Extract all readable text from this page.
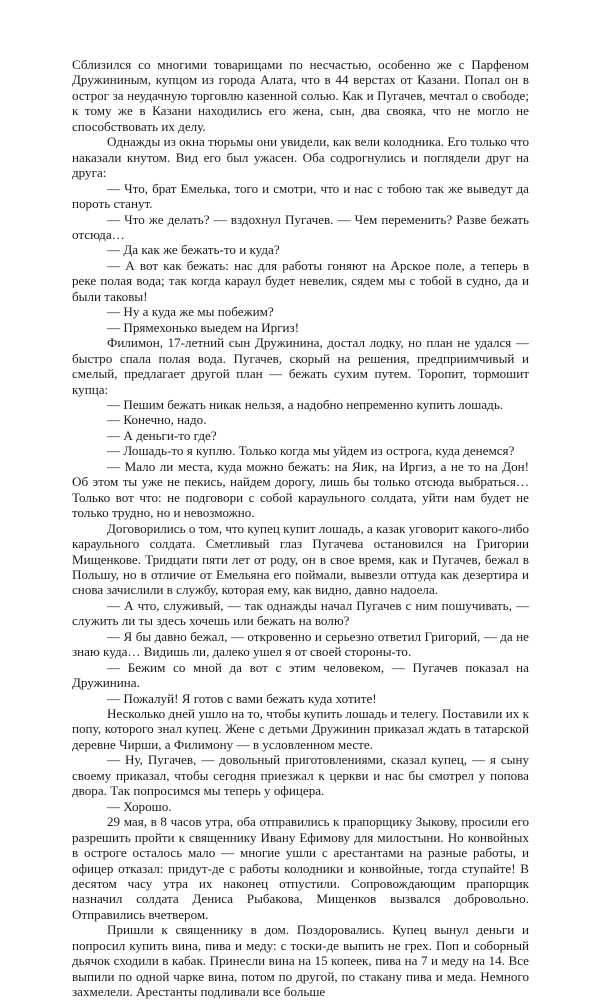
Сблизился со многими товарищами по несчастью, особенно же с Парфеном Дружининым, купцом из города Алата, что в 44 верстах от Казани. Попал он в острог за неудачную торговлю казенной солью. Как и Пугачев, мечтал о свободе; к тому же в Казани находились его жена, сын, два свояка, что не могло не способствовать их делу.

Однажды из окна тюрьмы они увидели, как вели колодника. Его только что наказали кнутом. Вид его был ужасен. Оба содрогнулись и поглядели друг на друга:

— Что, брат Емелька, того и смотри, что и нас с тобою так же выведут да пороть станут.

— Что же делать? — вздохнул Пугачев. — Чем переменить? Разве бежать отсюда…

— Да как же бежать-то и куда?

— А вот как бежать: нас для работы гоняют на Арское поле, а теперь в реке полая вода; так когда караул будет невелик, сядем мы с тобой в судно, да и были таковы!

— Ну а куда же мы побежим?

— Прямехонько выедем на Иргиз!

Филимон, 17-летний сын Дружинина, достал лодку, но план не удался — быстро спала полая вода. Пугачев, скорый на решения, предприимчивый и смелый, предлагает другой план — бежать сухим путем. Торопит, тормошит купца:

— Пешим бежать никак нельзя, а надобно непременно купить лошадь.

— Конечно, надо.

— А деньги-то где?

— Лошадь-то я куплю. Только когда мы уйдем из острога, куда денемся?

— Мало ли места, куда можно бежать: на Яик, на Иргиз, а не то на Дон! Об этом ты уже не пекись, найдем дорогу, лишь бы только отсюда выбраться… Только вот что: не подговори с собой караульного солдата, уйти нам будет не только трудно, но и невозможно.

Договорились о том, что купец купит лошадь, а казак уговорит какого-либо караульного солдата. Сметливый глаз Пугачева остановился на Григории Мищенкове. Тридцати пяти лет от роду, он в свое время, как и Пугачев, бежал в Польшу, но в отличие от Емельяна его поймали, вывезли оттуда как дезертира и снова зачислили в службу, которая ему, как видно, давно надоела.

— А что, служивый, — так однажды начал Пугачев с ним пошучивать, — служить ли ты здесь хочешь или бежать на волю?

— Я бы давно бежал, — откровенно и серьезно ответил Григорий, — да не знаю куда… Видишь ли, далеко ушел я от своей стороны-то.

— Бежим со мной да вот с этим человеком, — Пугачев показал на Дружинина.

— Пожалуй! Я готов с вами бежать куда хотите!

Несколько дней ушло на то, чтобы купить лошадь и телегу. Поставили их к попу, которого знал купец. Жене с детьми Дружинин приказал ждать в татарской деревне Чирши, а Филимону — в условленном месте.

— Ну, Пугачев, — довольный приготовлениями, сказал купец, — я сыну своему приказал, чтобы сегодня приезжал к церкви и нас бы смотрел у попова двора. Так попросимся мы теперь у офицера.

— Хорошо.

29 мая, в 8 часов утра, оба отправились к прапорщику Зыкову, просили его разрешить пройти к священнику Ивану Ефимову для милостыни. Но конвойных в остроге осталось мало — многие ушли с арестантами на разные работы, и офицер отказал: придут-де с работы колодники и конвойные, тогда ступайте! В десятом часу утра их наконец отпустили. Сопровождающим прапорщик назначил солдата Дениса Рыбакова, Мищенков вызвался добровольно. Отправились вчетвером.

Пришли к священнику в дом. Поздоровались. Купец вынул деньги и попросил купить вина, пива и меду: с тоски-де выпить не грех. Поп и соборный дьячок сходили в кабак. Принесли вина на 15 копеек, пива на 7 и меду на 14. Все выпили по одной чарке вина, потом по другой, по стакану пива и меда. Немного захмелели. Арестанты подливали все больше
